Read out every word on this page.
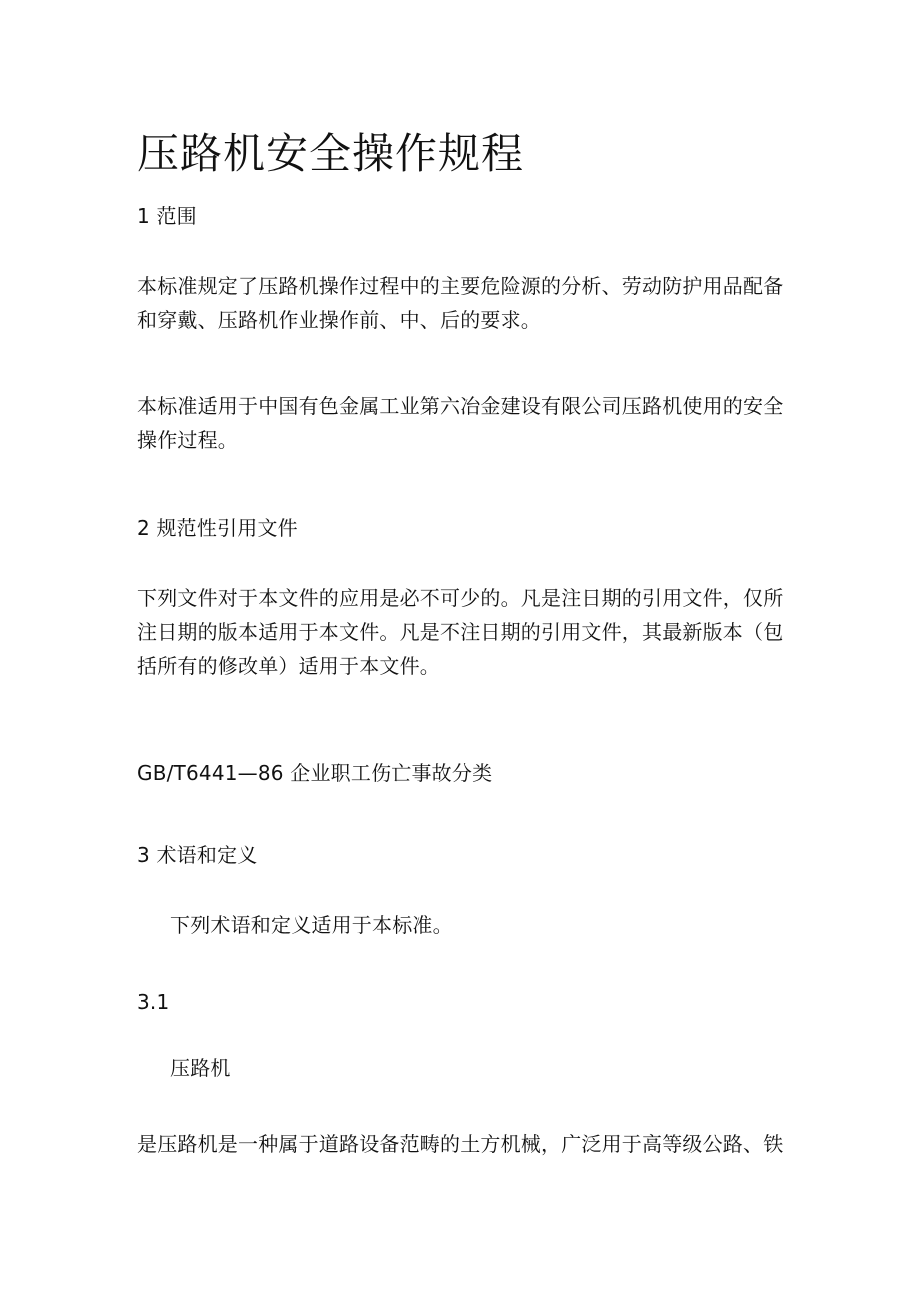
压路机安全操作规程

1 范围

本标准规定了压路机操作过程中的主要危险源的分析、劳动防护用品配备
和穿戴、压路机作业操作前、中、后的要求。

本标准适用于中国有色金属工业第六冶金建设有限公司压路机使用的安全
操作过程。

2 规范性引用文件

下列文件对于本文件的应用是必不可少的。凡是注日期的引用文件，仅所
注日期的版本适用于本文件。凡是不注日期的引用文件，其最新版本（包
括所有的修改单）适用于本文件。

GB/T6441—86 企业职工伤亡事故分类

3 术语和定义

下列术语和定义适用于本标准。

3.1

压路机

是压路机是一种属于道路设备范畴的土方机械，广泛用于高等级公路、铁
